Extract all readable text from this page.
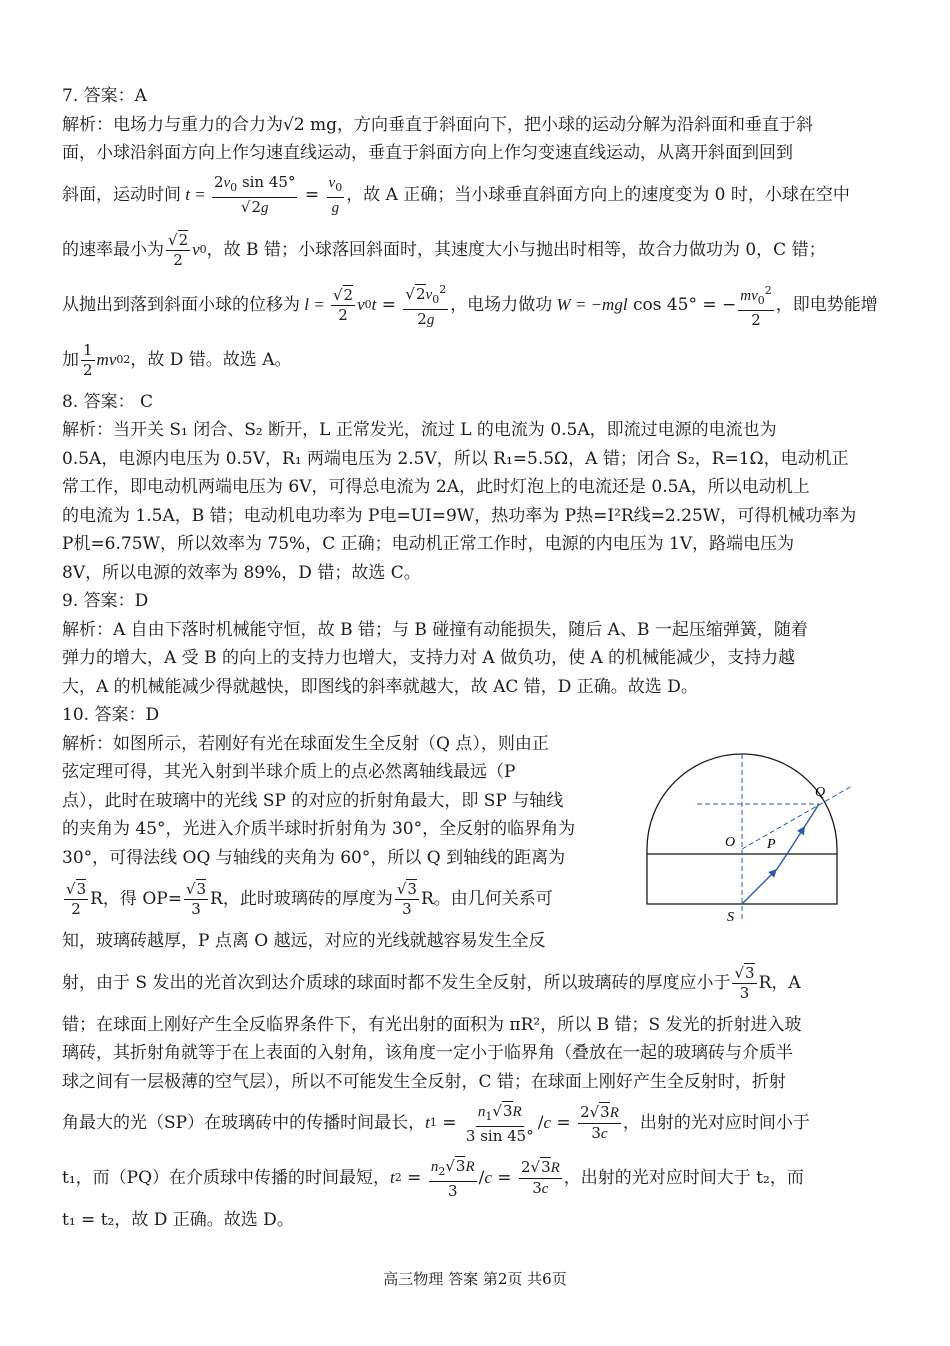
7. 答案：A
解析：电场力与重力的合力为√2 mg，方向垂直于斜面向下，把小球的运动分解为沿斜面和垂直于斜
面，小球沿斜面方向上作匀速直线运动，垂直于斜面方向上作匀变速直线运动，从离开斜面到回到
斜面，运动时间 $t = \frac{2v_0 \sin 45^\circ}{√2g} = \frac{v_0}{g}$ ，故 A 正确；当小球垂直斜面方向上的速度变为 0 时，小球在空中
的速率最小为 $\frac{√2}{2}$ v 0 ，故 B 错；小球落回斜面时，其速度大小与抛出时相等，故合力做功为 0，C 错；
从抛出到落到斜面小球的位移为 $l = \frac{√2}{2}$ v 0 $t = \frac{√2v_0^2}{2g}$ ，电场力做功 W = −mgl cos 45° = − $\frac{mv_0^2}{2}$ ，即电势能增
加 $\frac{1}{2}$ mv 0 2 ，故 D 错。故选 A。
8. 答案： C
解析：当开关 S₁ 闭合、S₂ 断开，L 正常发光，流过 L 的电流为 0.5A，即流过电源的电流也为
0.5A，电源内电压为 0.5V，R₁ 两端电压为 2.5V，所以 R₁=5.5Ω，A 错；闭合 S₂，R=1Ω，电动机正
常工作，即电动机两端电压为 6V，可得总电流为 2A，此时灯泡上的电流还是 0.5A，所以电动机上
的电流为 1.5A，B 错；电动机电功率为 P电=UI=9W，热功率为 P热=I²R线=2.25W，可得机械功率为
P机=6.75W，所以效率为 75%，C 正确；电动机正常工作时，电源的内电压为 1V，路端电压为
8V，所以电源的效率为 89%，D 错；故选 C。
9. 答案：D
解析：A 自由下落时机械能守恒，故 B 错；与 B 碰撞有动能损失，随后 A、B 一起压缩弹簧，随着
弹力的增大，A 受 B 的向上的支持力也增大，支持力对 A 做负功，使 A 的机械能减少，支持力越
大，A 的机械能减少得就越快，即图线的斜率就越大，故 AC 错，D 正确。故选 D。
10. 答案：D
解析：如图所示，若刚好有光在球面发生全反射（Q 点），则由正
弦定理可得，其光入射到半球介质上的点必然离轴线最远（P
点），此时在玻璃中的光线 SP 的对应的折射角最大，即 SP 与轴线
的夹角为 45°，光进入介质半球时折射角为 30°，全反射的临界角为
30°，可得法线 OQ 与轴线的夹角为 60°，所以 Q 到轴线的距离为
$\frac{√3}{2}$ R，得 $OP= \frac{√3}{3}$ R，此时玻璃砖的厚度为 $\frac{√3}{3}$ R。由几何关系可
知，玻璃砖越厚，P 点离 O 越远，对应的光线就越容易发生全反
Q
O P
S
射，由于 S 发出的光首次到达介质球的球面时都不发生全反射，所以玻璃砖的厚度应小于 $\frac{√3}{3}$ R，A
错；在球面上刚好产生全反临界条件下，有光出射的面积为 πR²，所以 B 错；S 发光的折射进入玻
璃砖，其折射角就等于在上表面的入射角，该角度一定小于临界角（叠放在一起的玻璃砖与介质半
球之间有一层极薄的空气层），所以不可能发生全反射，C 错；在球面上刚好产生全反射时，折射
角最大的光（SP）在玻璃砖中的传播时间最长， t $1 = \frac{n_1√3R}{3 \sin 45^\circ} /c = \frac{2√3R}{3c}$ ，出射的光对应时间小于
t₁，而（PQ）在介质球中传播的时间最短， t $2 = \frac{n_2√3R}{3} /c = \frac{2√3R}{3c}$ ，出射的光对应时间大于 t₂，而
t₁ = t₂，故 D 正确。故选 D。
高三物理 答案 第2页 共6页
